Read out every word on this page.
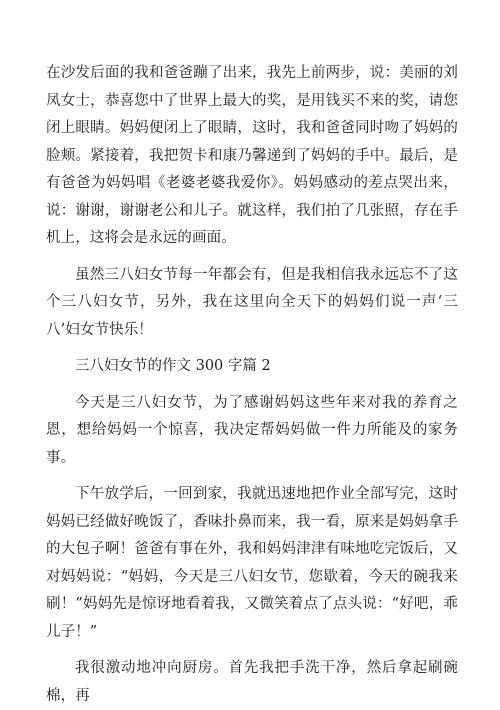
在沙发后面的我和爸爸蹦了出来，我先上前两步，说：美丽的刘凤女士，恭喜您中了世界上最大的奖，是用钱买不来的奖，请您闭上眼睛。妈妈便闭上了眼睛，这时，我和爸爸同时吻了妈妈的脸颊。紧接着，我把贺卡和康乃馨递到了妈妈的手中。最后，是有爸爸为妈妈唱《老婆老婆我爱你》。妈妈感动的差点哭出来，说：谢谢，谢谢老公和儿子。就这样，我们拍了几张照，存在手机上，这将会是永远的画面。

虽然三八妇女节每一年都会有，但是我相信我永远忘不了这个三八妇女节，另外，我在这里向全天下的妈妈们说一声‘三八’妇女节快乐！

三八妇女节的作文 300 字篇 2

今天是三八妇女节，为了感谢妈妈这些年来对我的养育之恩，想给妈妈一个惊喜，我决定帮妈妈做一件力所能及的家务事。

下午放学后，一回到家，我就迅速地把作业全部写完，这时妈妈已经做好晚饭了，香味扑鼻而来，我一看，原来是妈妈拿手的大包子啊！爸爸有事在外，我和妈妈津津有味地吃完饭后，又对妈妈说：“妈妈，今天是三八妇女节，您歇着，今天的碗我来刷！”妈妈先是惊讶地看着我，又微笑着点了点头说：“好吧，乖儿子！”

我很激动地冲向厨房。首先我把手洗干净，然后拿起刷碗棉，再
